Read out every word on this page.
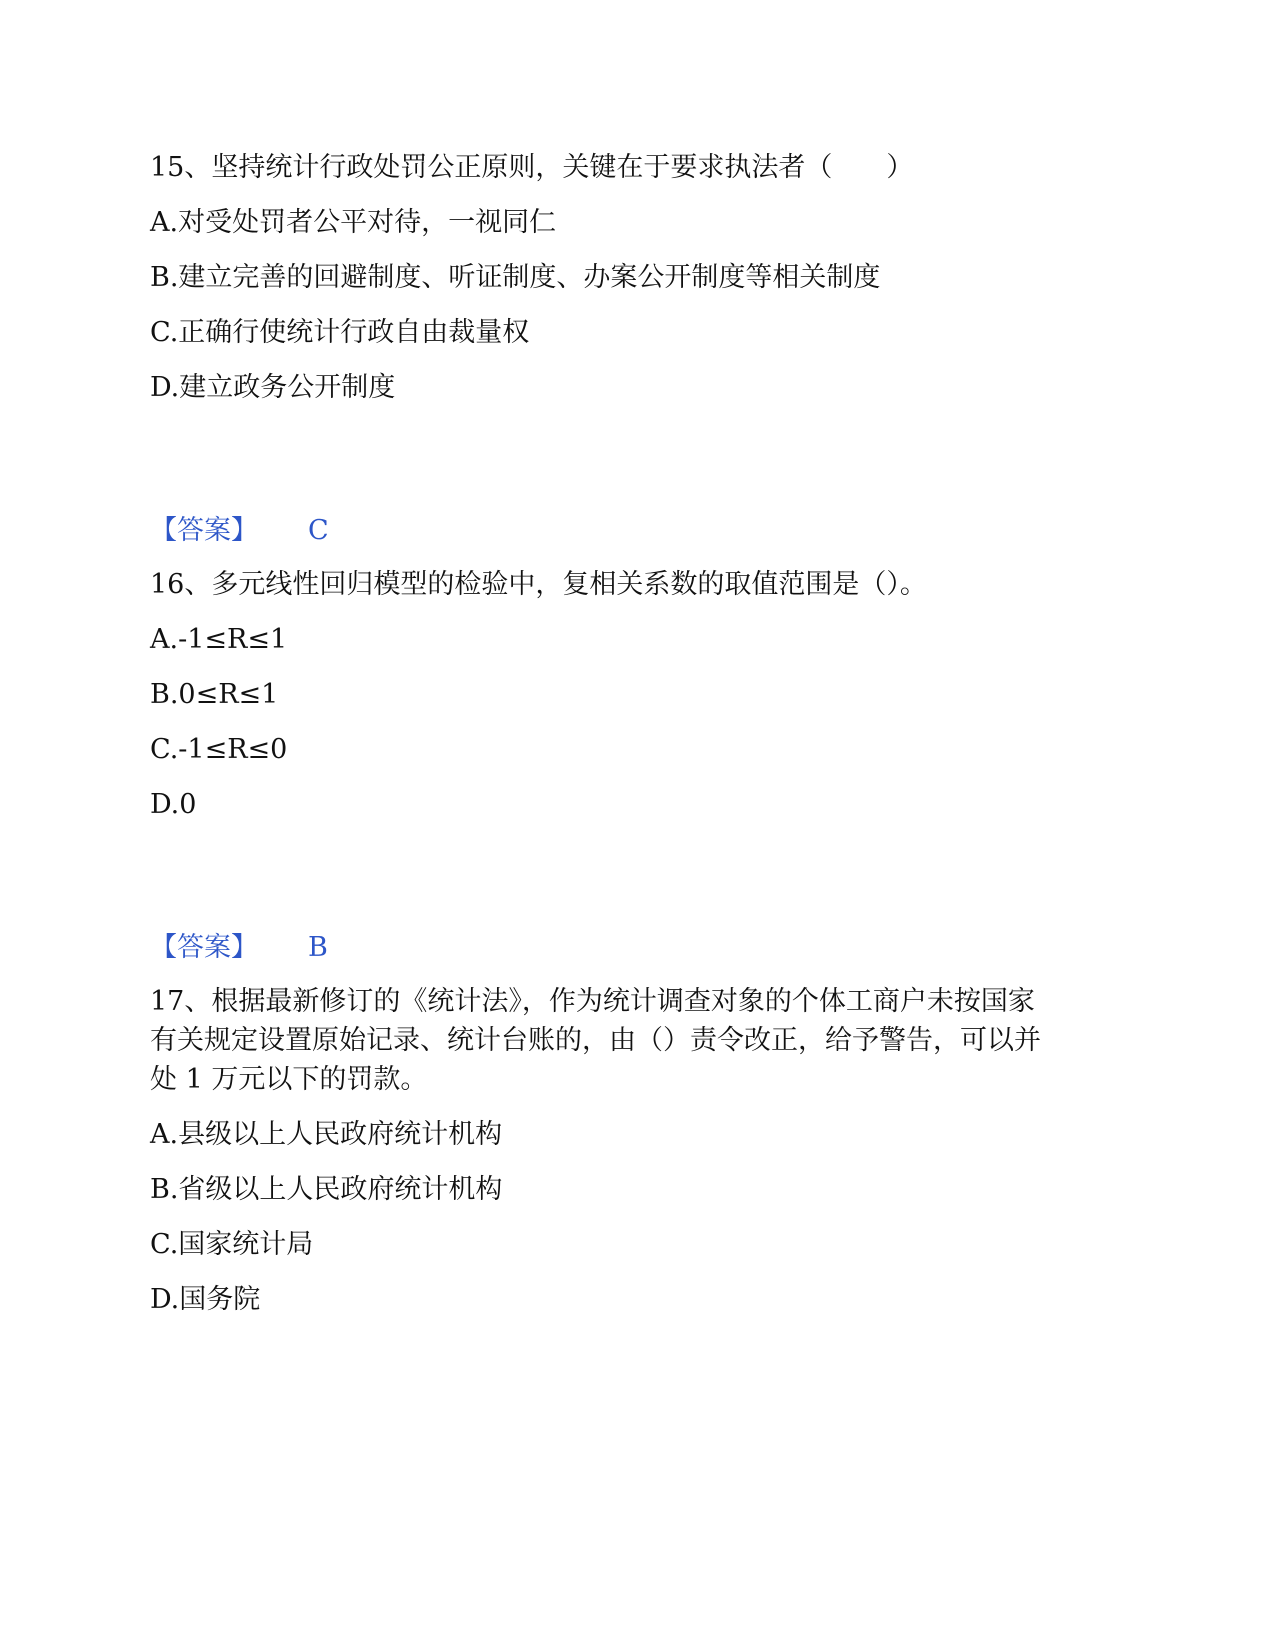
15、坚持统计行政处罚公正原则，关键在于要求执法者（　　）
A.对受处罚者公平对待，一视同仁
B.建立完善的回避制度、听证制度、办案公开制度等相关制度
C.正确行使统计行政自由裁量权
D.建立政务公开制度
【答案】 C
16、多元线性回归模型的检验中，复相关系数的取值范围是（）。
A.-1≤R≤1
B.0≤R≤1
C.-1≤R≤0
D.0
【答案】 B
17、根据最新修订的《统计法》，作为统计调查对象的个体工商户未按国家
有关规定设置原始记录、统计台账的，由（）责令改正，给予警告，可以并
处 1 万元以下的罚款。
A.县级以上人民政府统计机构
B.省级以上人民政府统计机构
C.国家统计局
D.国务院
